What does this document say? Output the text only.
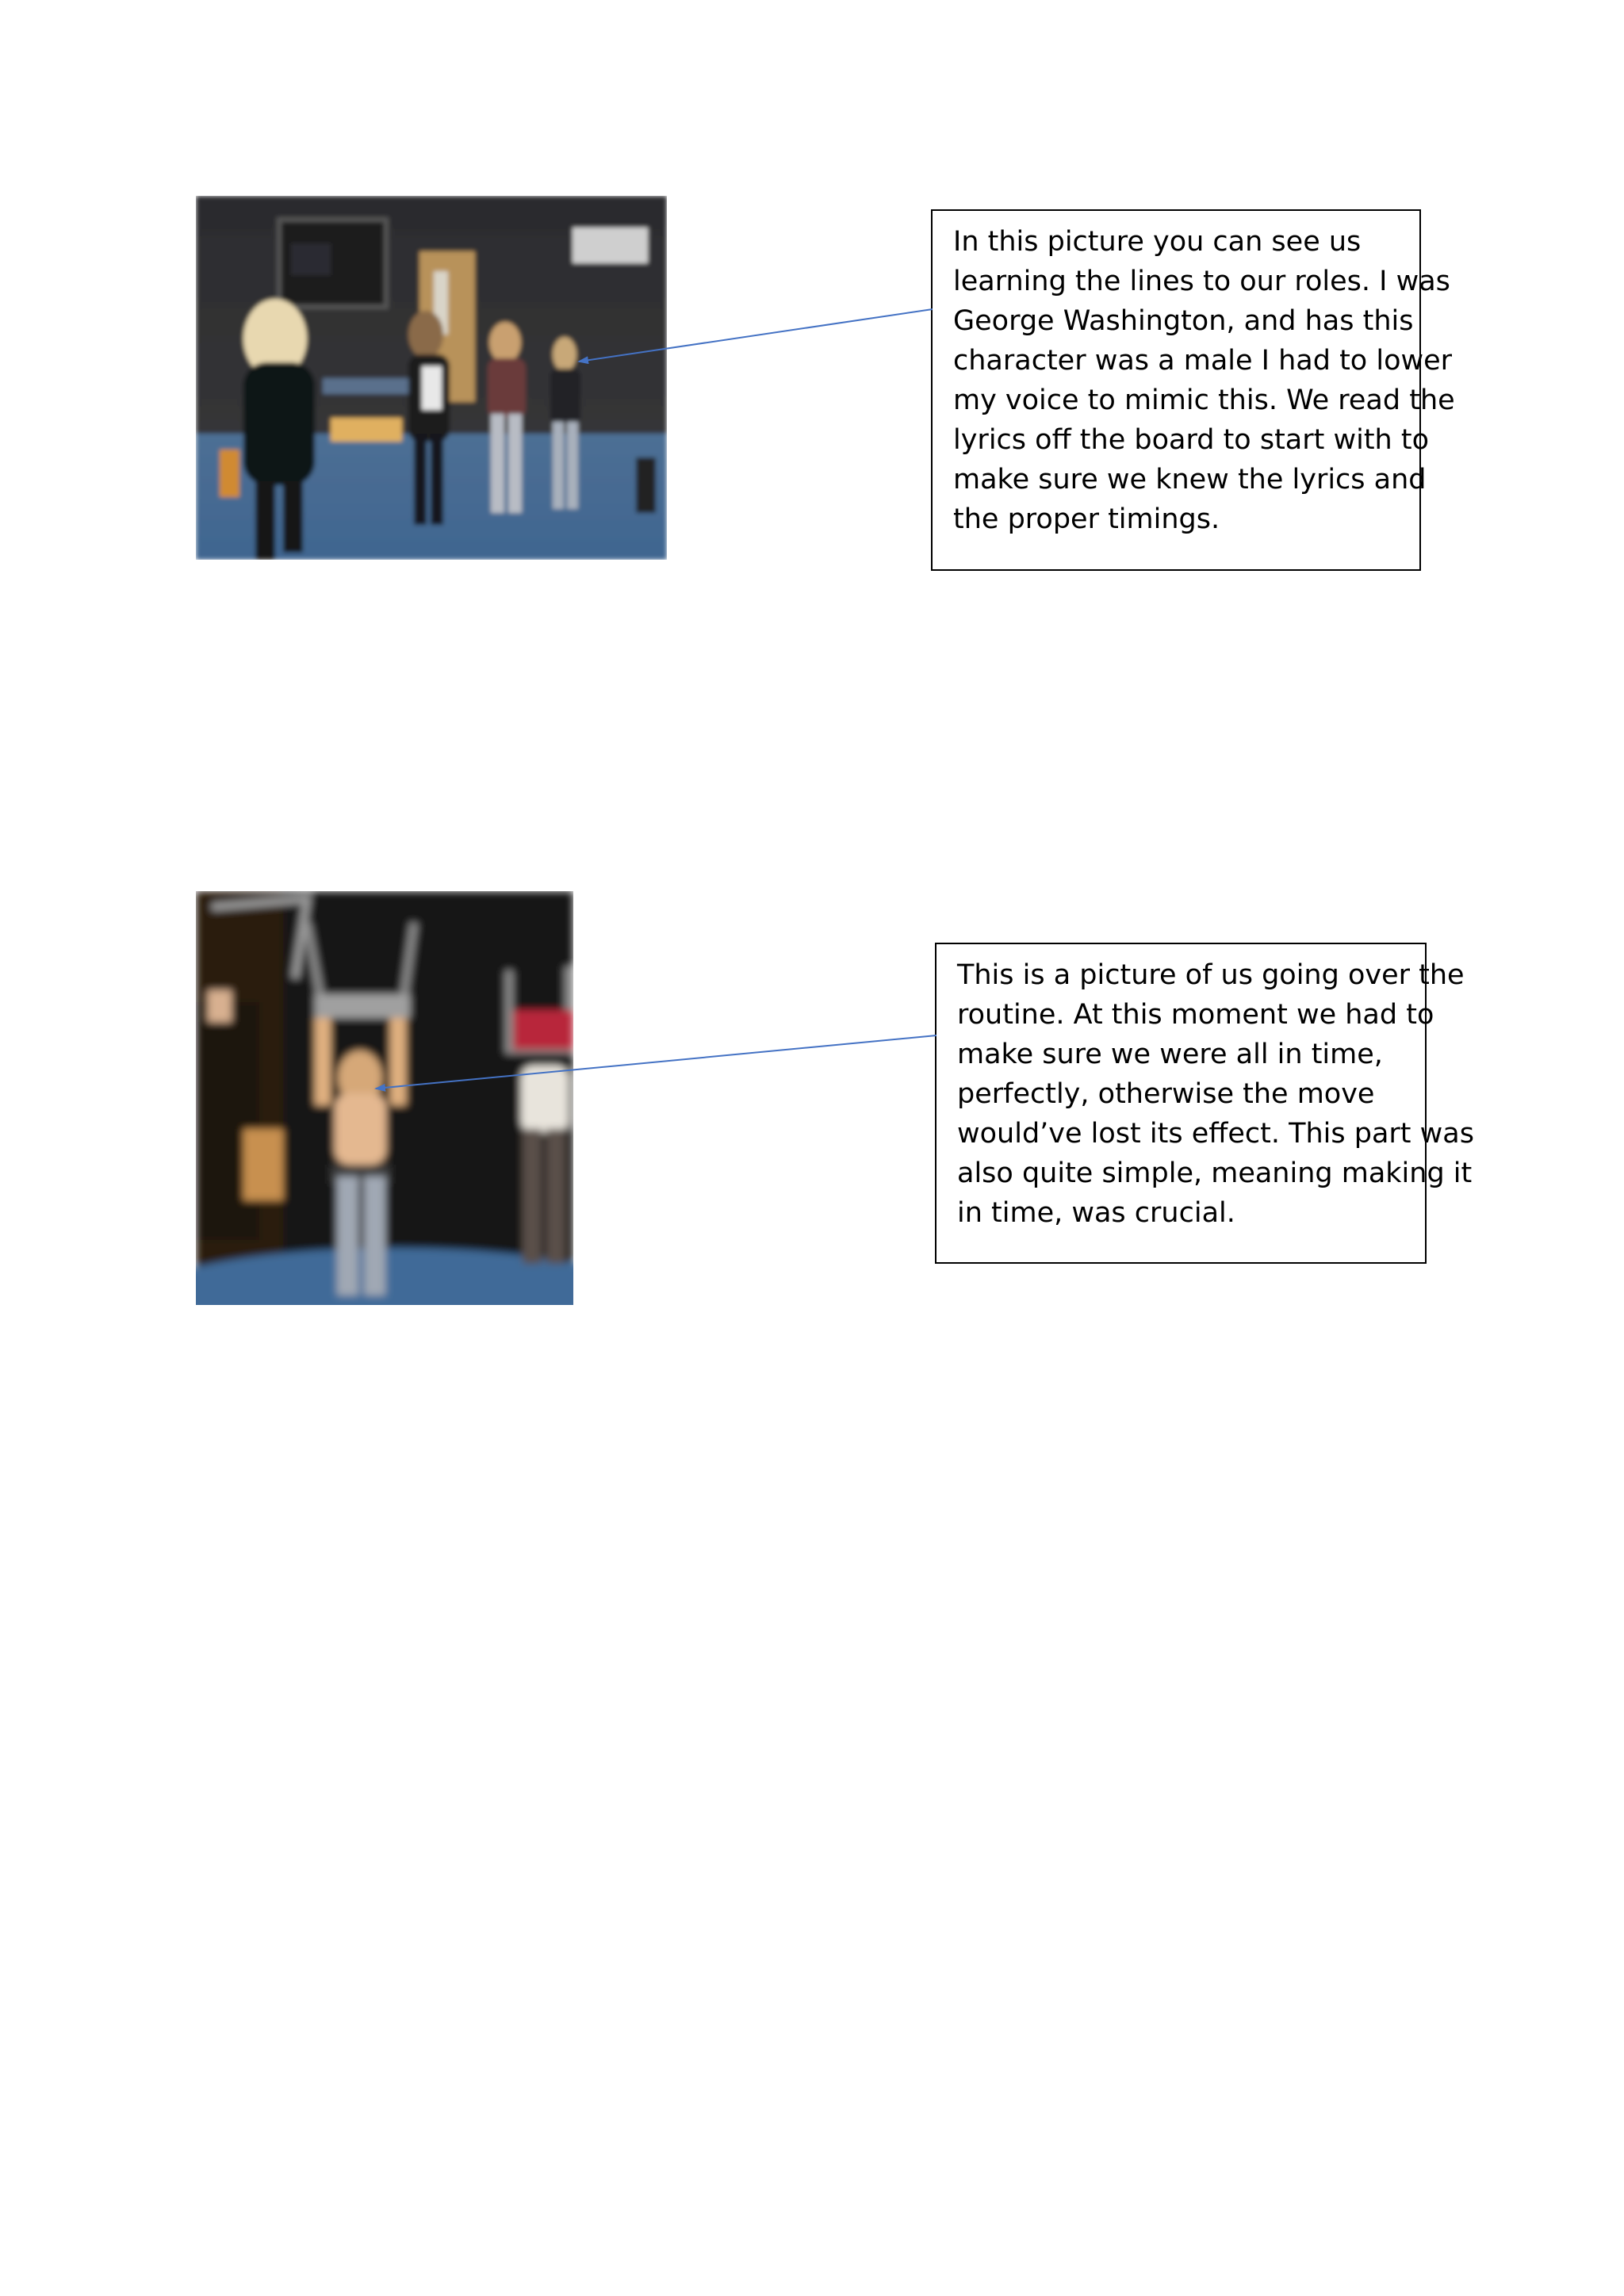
In this picture you can see us
learning the lines to our roles. I was
George Washington, and has this
character was a male I had to lower
my voice to mimic this. We read the
lyrics off the board to start with to
make sure we knew the lyrics and
the proper timings.
This is a picture of us going over the
routine. At this moment we had to
make sure we were all in time,
perfectly, otherwise the move
would’ve lost its effect. This part was
also quite simple, meaning making it
in time, was crucial.
